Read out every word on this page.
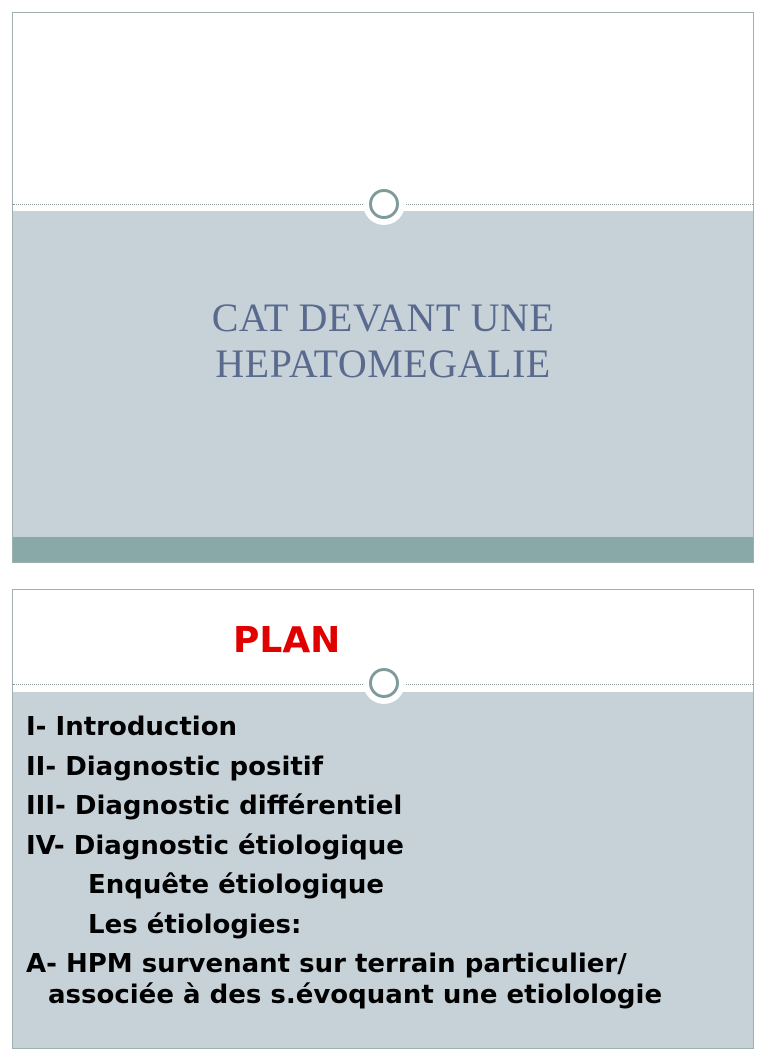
CAT DEVANT UNE
HEPATOMEGALIE
PLAN
I- Introduction
II- Diagnostic positif
III- Diagnostic différentiel
IV- Diagnostic étiologique
Enquête étiologique
Les étiologies:
A- HPM survenant sur terrain particulier/
associée à des s.évoquant une etiolologie
